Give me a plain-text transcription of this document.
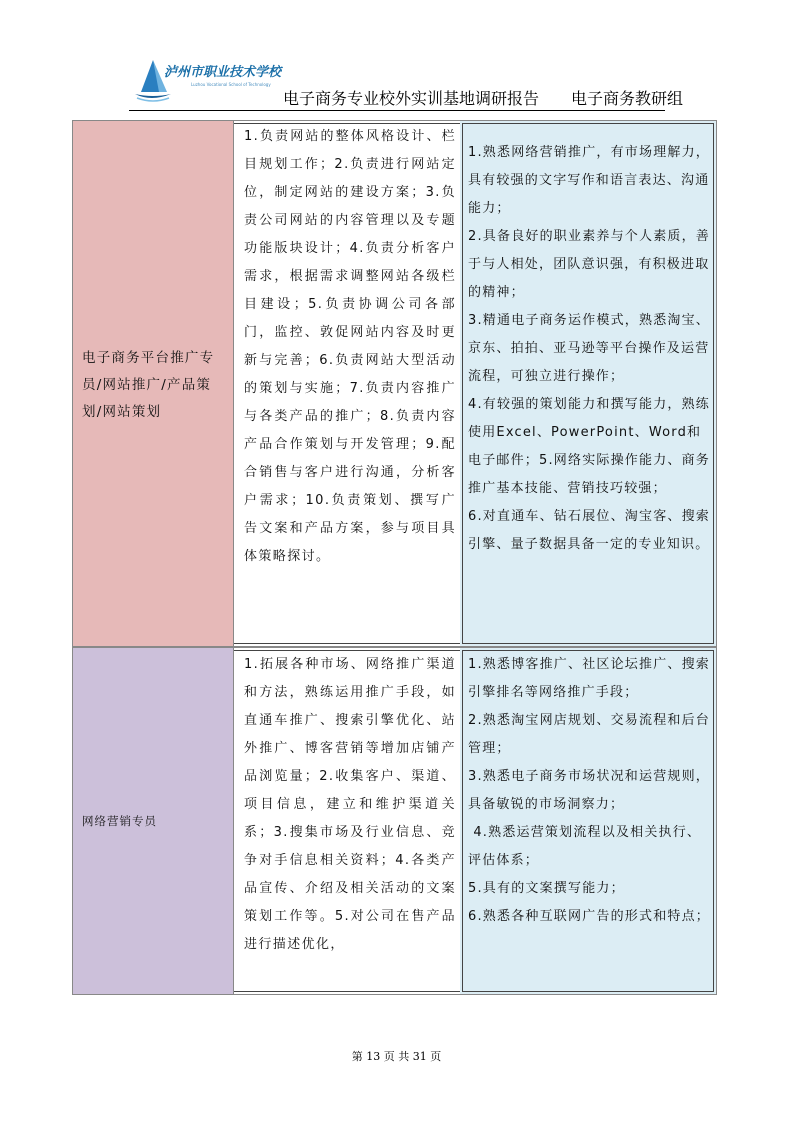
泸州市职业技术学校
Luzhou Vocational School of Technology
电子商务专业校外实训基地调研报告　　电子商务教研组
电子商务平台推广专员/网站推广/产品策划/网站策划
1.负责网站的整体风格设计、栏目规划工作；2.负责进行网站定位，制定网站的建设方案；3.负责公司网站的内容管理以及专题功能版块设计；4.负责分析客户需求，根据需求调整网站各级栏目建设；5.负责协调公司各部门，监控、敦促网站内容及时更新与完善；6.负责网站大型活动的策划与实施；7.负责内容推广与各类产品的推广；8.负责内容产品合作策划与开发管理；9.配合销售与客户进行沟通，分析客户需求；10.负责策划、撰写广告文案和产品方案，参与项目具体策略探讨。

1.熟悉网络营销推广，有市场理解力，具有较强的文字写作和语言表达、沟通能力；

2.具备良好的职业素养与个人素质，善于与人相处，团队意识强，有积极进取的精神；

3.精通电子商务运作模式，熟悉淘宝、京东、拍拍、亚马逊等平台操作及运营流程，可独立进行操作；

4.有较强的策划能力和撰写能力，熟练使用Excel、PowerPoint、Word和电子邮件；5.网络实际操作能力、商务推广基本技能、营销技巧较强；

6.对直通车、钻石展位、淘宝客、搜索引擎、量子数据具备一定的专业知识。

网络营销专员
1.拓展各种市场、网络推广渠道和方法，熟练运用推广手段，如直通车推广、搜索引擎优化、站外推广、博客营销等增加店铺产品浏览量；2.收集客户、渠道、项目信息，建立和维护渠道关系；3.搜集市场及行业信息、竞争对手信息相关资料；4.各类产品宣传、介绍及相关活动的文案策划工作等。5.对公司在售产品进行描述优化，

1.熟悉博客推广、社区论坛推广、搜索引擎排名等网络推广手段；

2.熟悉淘宝网店规划、交易流程和后台管理；

3.熟悉电子商务市场状况和运营规则，具备敏锐的市场洞察力；

4.熟悉运营策划流程以及相关执行、评估体系；

5.具有的文案撰写能力；

6.熟悉各种互联网广告的形式和特点；

第 13 页 共 31 页
